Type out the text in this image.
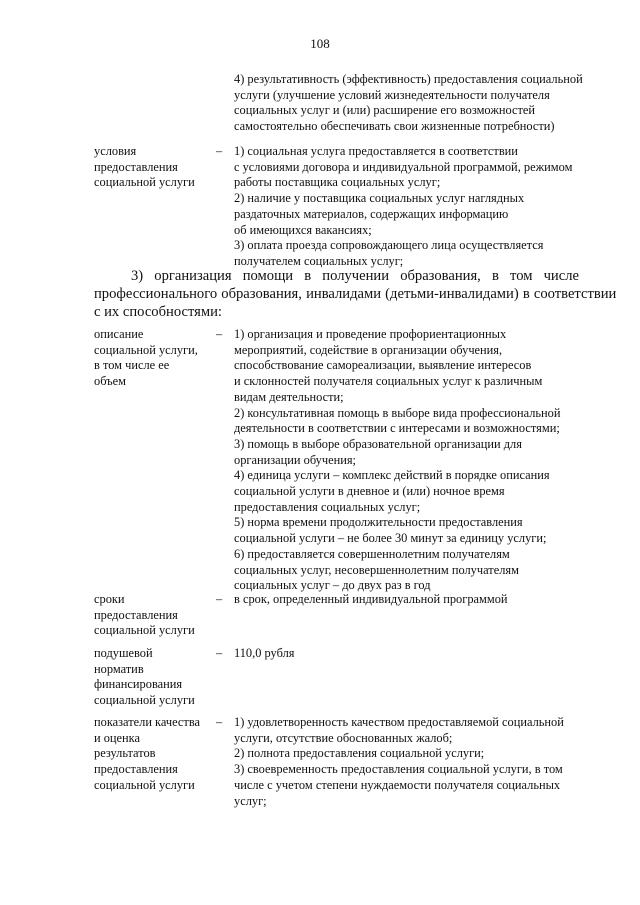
108
4) результативность (эффективность) предоставления социальной
услуги (улучшение условий жизнедеятельности получателя
социальных услуг и (или) расширение его возможностей
самостоятельно обеспечивать свои жизненные потребности)
условия
предоставления
социальной услуги
– 1) социальная услуга предоставляется в соответствии
с условиями договора и индивидуальной программой, режимом
работы поставщика социальных услуг;
2) наличие у поставщика социальных услуг наглядных
раздаточных материалов, содержащих информацию
об имеющихся вакансиях;
3) оплата проезда сопровождающего лица осуществляется
получателем социальных услуг;
3) организация помощи в получении образования, в том числе
профессионального образования, инвалидами (детьми-инвалидами) в соответствии
с их способностями:
описание
социальной услуги,
в том числе ее
объем
– 1) организация и проведение профориентационных
мероприятий, содействие в организации обучения,
способствование самореализации, выявление интересов
и склонностей получателя социальных услуг к различным
видам деятельности;
2) консультативная помощь в выборе вида профессиональной
деятельности в соответствии с интересами и возможностями;
3) помощь в выборе образовательной организации для
организации обучения;
4) единица услуги – комплекс действий в порядке описания
социальной услуги в дневное и (или) ночное время
предоставления социальных услуг;
5) норма времени продолжительности предоставления
социальной услуги – не более 30 минут за единицу услуги;
6) предоставляется совершеннолетним получателям
социальных услуг, несовершеннолетним получателям
социальных услуг – до двух раз в год
сроки
предоставления
социальной услуги
– в срок, определенный индивидуальной программой
подушевой
норматив
финансирования
социальной услуги
– 110,0 рубля
показатели качества
и оценка
результатов
предоставления
социальной услуги
– 1) удовлетворенность качеством предоставляемой социальной
услуги, отсутствие обоснованных жалоб;
2) полнота предоставления социальной услуги;
3) своевременность предоставления социальной услуги, в том
числе с учетом степени нуждаемости получателя социальных
услуг;
